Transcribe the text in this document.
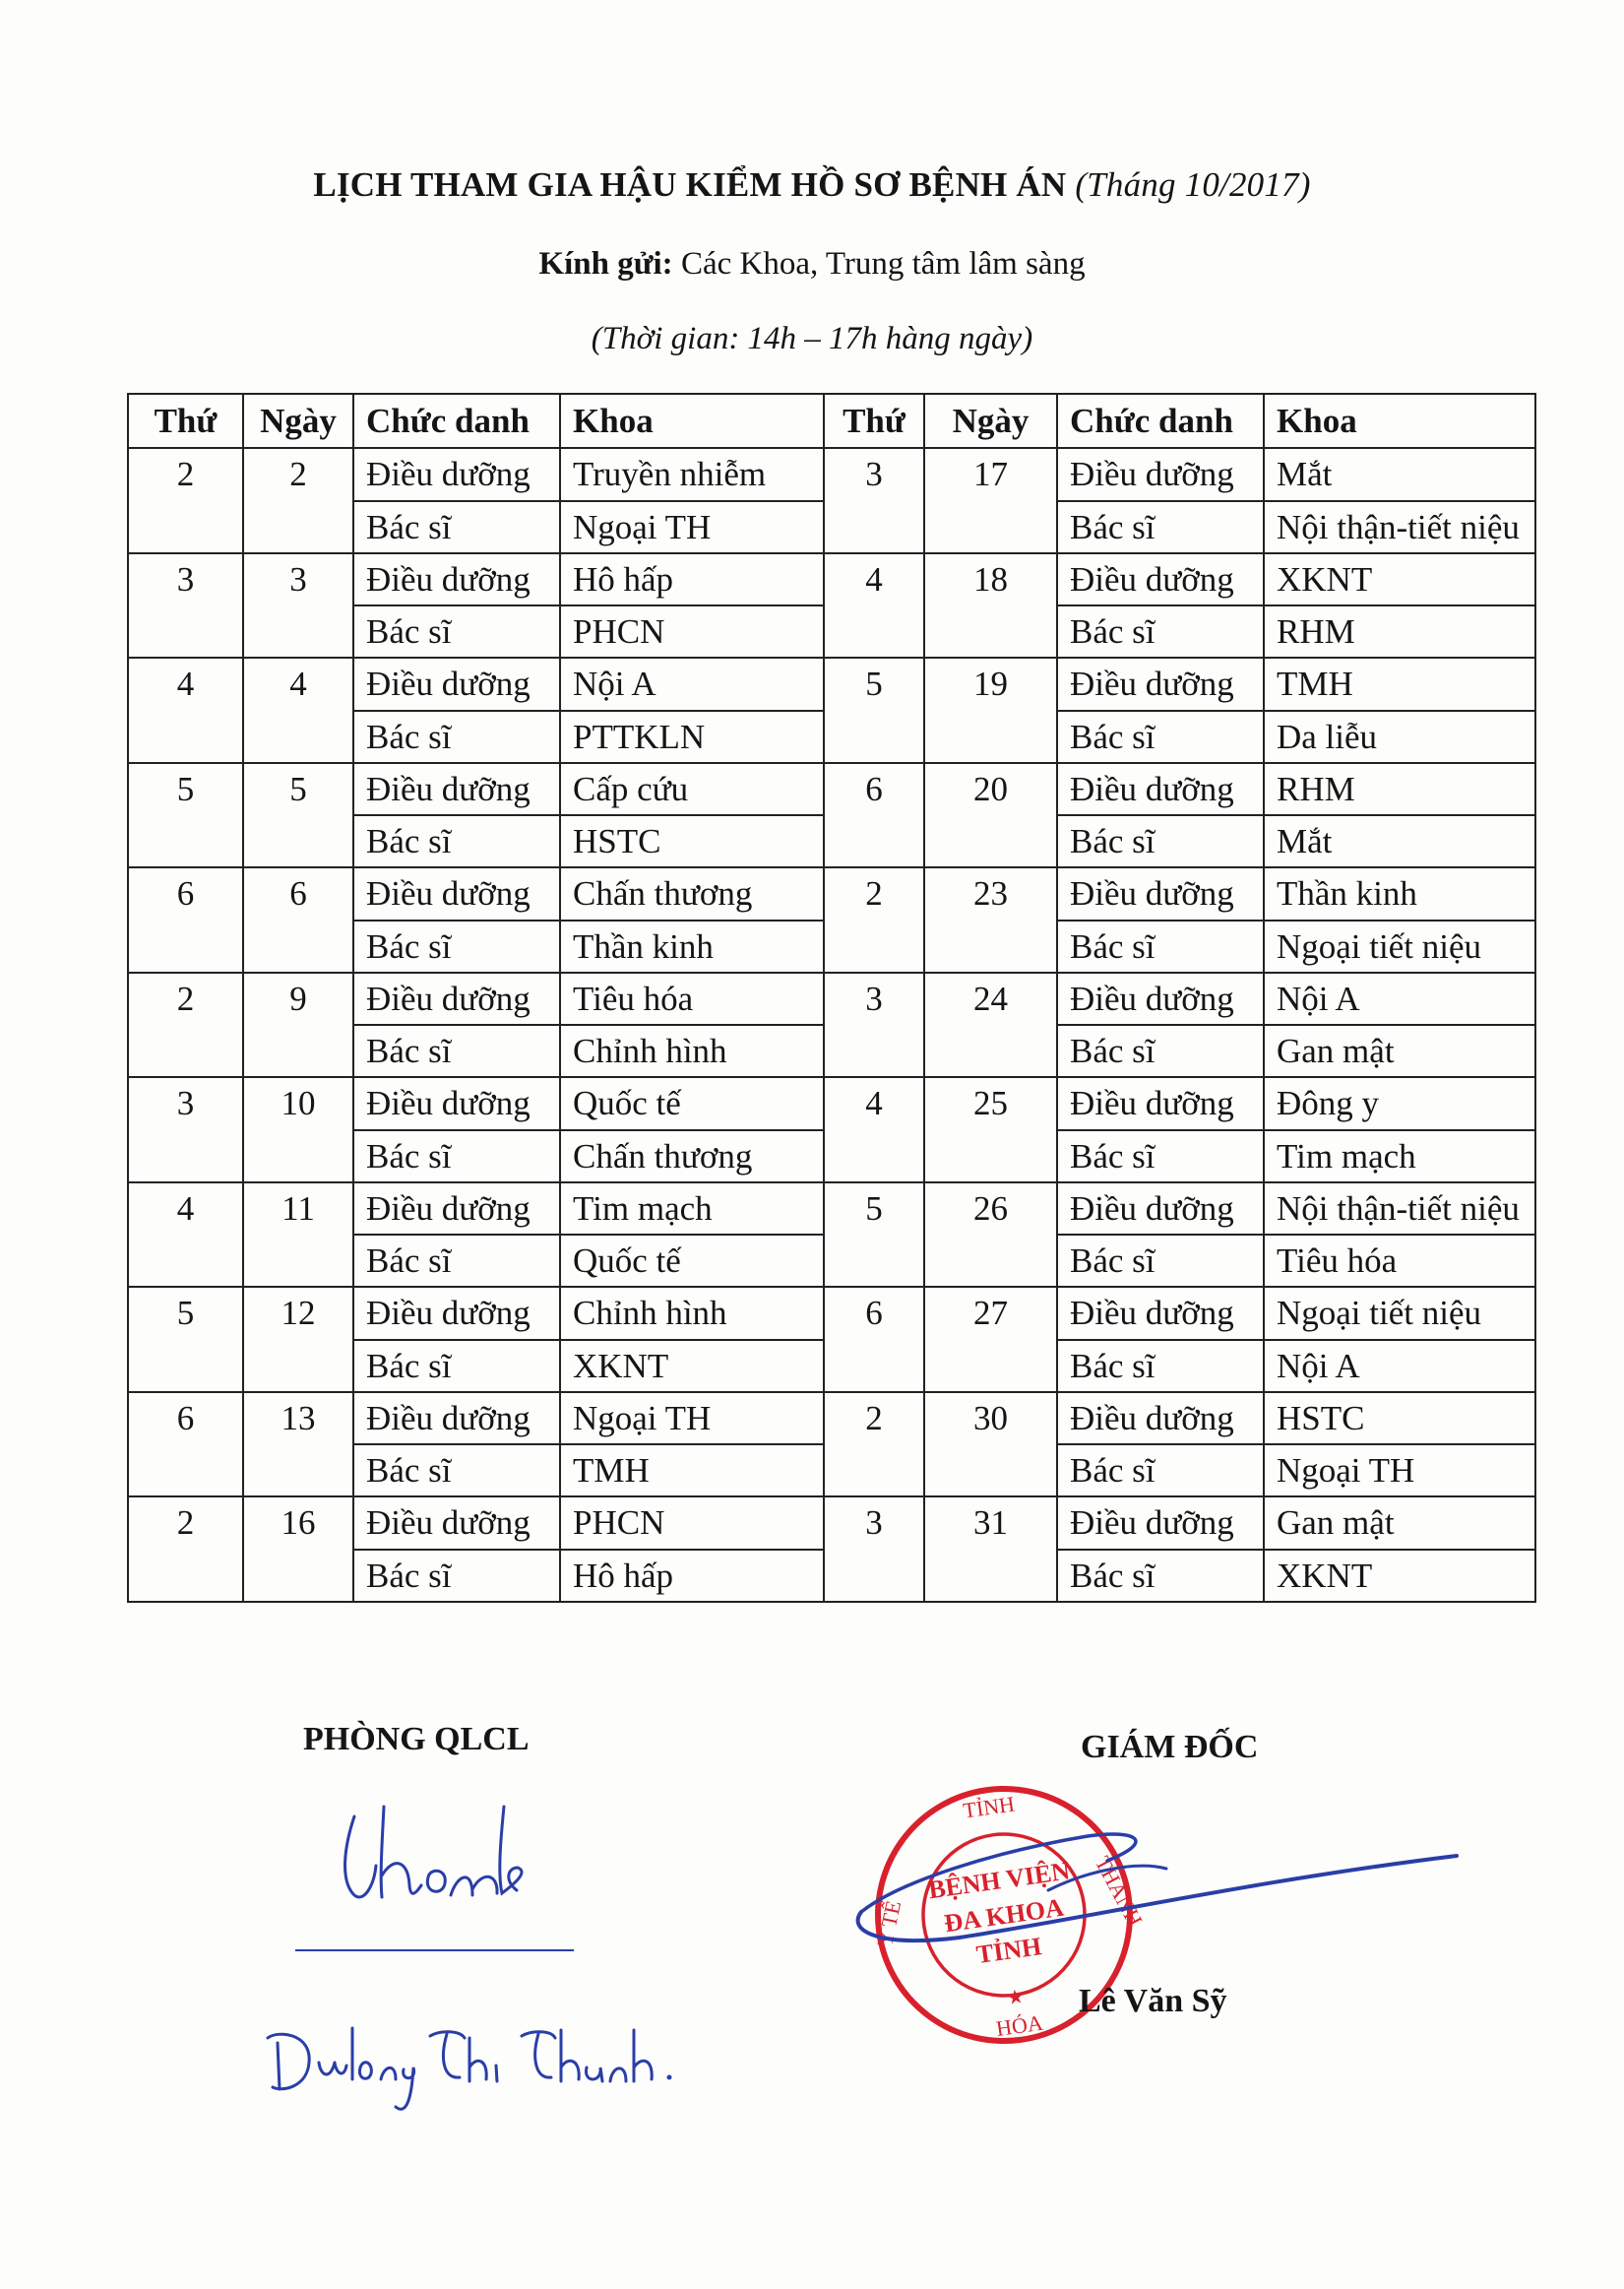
LỊCH THAM GIA HẬU KIỂM HỒ SƠ BỆNH ÁN (Tháng 10/2017)
Kính gửi: Các Khoa, Trung tâm lâm sàng
(Thời gian: 14h – 17h hàng ngày)
Thứ	Ngày	Chức danh	Khoa	Thứ	Ngày	Chức danh	Khoa
2	2	Điều dưỡng	Truyền nhiễm	3	17	Điều dưỡng	Mắt
		Bác sĩ	Ngoại TH			Bác sĩ	Nội thận-tiết niệu
3	3	Điều dưỡng	Hô hấp	4	18	Điều dưỡng	XKNT
		Bác sĩ	PHCN			Bác sĩ	RHM
4	4	Điều dưỡng	Nội A	5	19	Điều dưỡng	TMH
		Bác sĩ	PTTKLN			Bác sĩ	Da liễu
5	5	Điều dưỡng	Cấp cứu	6	20	Điều dưỡng	RHM
		Bác sĩ	HSTC			Bác sĩ	Mắt
6	6	Điều dưỡng	Chấn thương	2	23	Điều dưỡng	Thần kinh
		Bác sĩ	Thần kinh			Bác sĩ	Ngoại tiết niệu
2	9	Điều dưỡng	Tiêu hóa	3	24	Điều dưỡng	Nội A
		Bác sĩ	Chỉnh hình			Bác sĩ	Gan mật
3	10	Điều dưỡng	Quốc tế	4	25	Điều dưỡng	Đông y
		Bác sĩ	Chấn thương			Bác sĩ	Tim mạch
4	11	Điều dưỡng	Tim mạch	5	26	Điều dưỡng	Nội thận-tiết niệu
		Bác sĩ	Quốc tế			Bác sĩ	Tiêu hóa
5	12	Điều dưỡng	Chỉnh hình	6	27	Điều dưỡng	Ngoại tiết niệu
		Bác sĩ	XKNT			Bác sĩ	Nội A
6	13	Điều dưỡng	Ngoại TH	2	30	Điều dưỡng	HSTC
		Bác sĩ	TMH			Bác sĩ	Ngoại TH
2	16	Điều dưỡng	PHCN	3	31	Điều dưỡng	Gan mật
		Bác sĩ	Hô hấp			Bác sĩ	XKNT
PHÒNG QLCL	GIÁM ĐỐC
TỈNH
Y TẾ	THANH
HÓA
BỆNH VIỆN
ĐA KHOA
TỈNH
★ Lê Văn Sỹ
